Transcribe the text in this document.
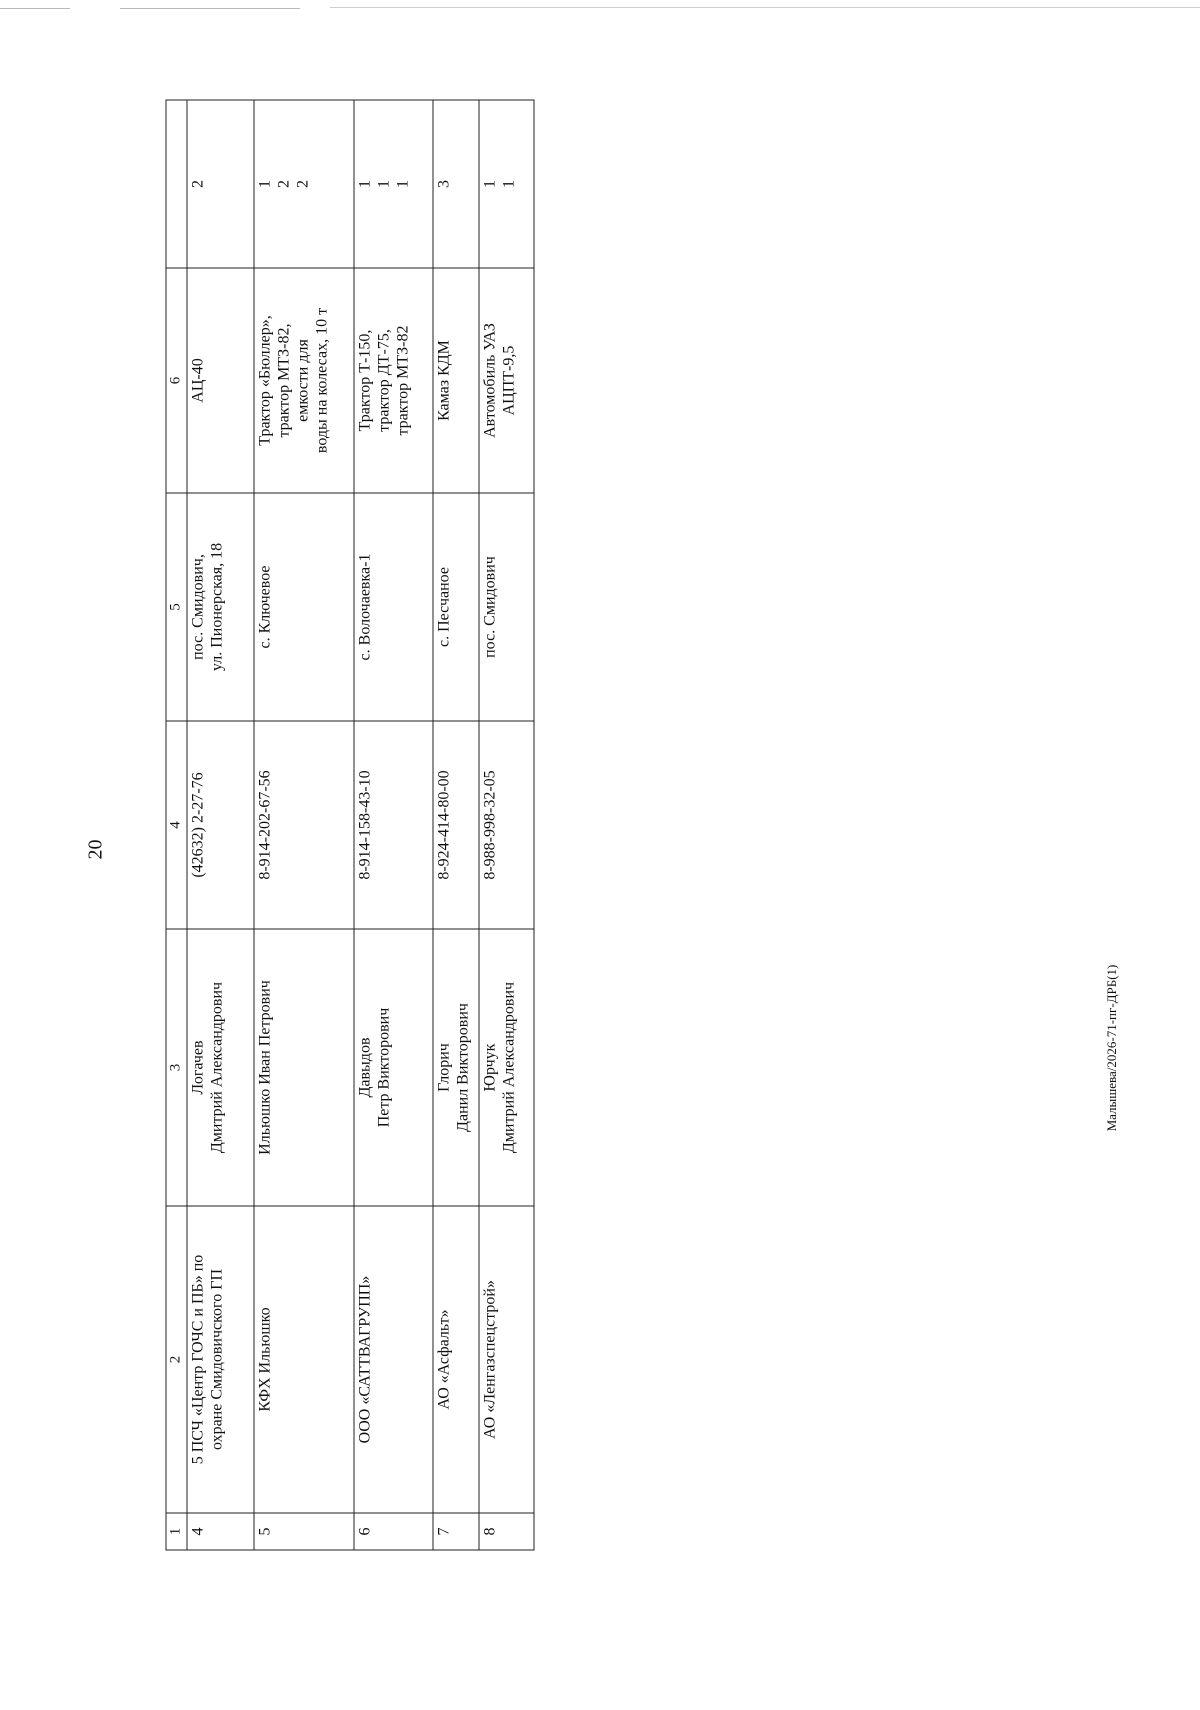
20
Малышева/2026-71-пг-ДРБ(1)
1	2	3	4	5	6	
4	5 ПСЧ «Центр ГОЧС и ПБ» по охране Смидовичского ГП	Логачев Дмитрий Александрович	(42632) 2-27-76	пос. Смидович, ул. Пионерская, 18	АЦ-40	2

5	КФХ Ильюшко	Ильюшко Иван Петрович	8-914-202-67-56	с. Ключевое	Трактор «Бюллер», трактор МТЗ-82, емкости для воды на колесах, 10 т	1 2 2

6	ООО «САТТВАГРУПП»	Давыдов Петр Викторович	8-914-158-43-10	с. Волочаевка-1	Трактор Т-150, трактор ДТ-75, трактор МТЗ-82	1 1 1

7	АО «Асфальт»	Глорич Данил Викторович	8-924-414-80-00	с. Песчаное	Камаз КДМ	3

8	АО «Ленгазспецстрой»	Юрчук Дмитрий Александрович	8-988-998-32-05	пос. Смидович	Автомобиль УАЗ АЦПТ-9,5	1 1
